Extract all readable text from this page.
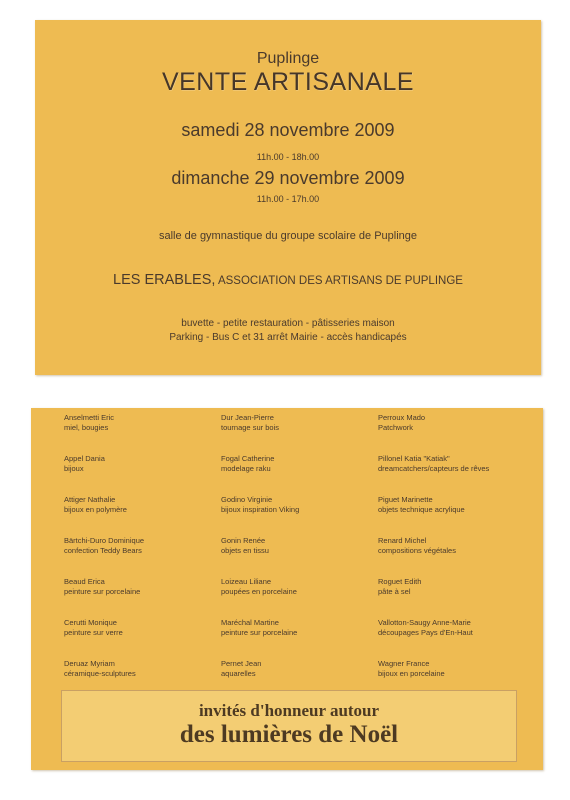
Puplinge
VENTE ARTISANALE
samedi 28 novembre 2009
11h.00 - 18h.00
dimanche 29 novembre 2009
11h.00 - 17h.00
salle de gymnastique du groupe scolaire de Puplinge
LES ERABLES, ASSOCIATION DES ARTISANS DE PUPLINGE
buvette - petite restauration - pâtisseries maison
Parking - Bus C et 31 arrêt Mairie - accès handicapés
Anselmetti Eric
miel, bougies
Appel Dania
bijoux
Attiger Nathalie
bijoux en polymère
Bärtchi-Duro Dominique
confection Teddy Bears
Beaud Erica
peinture sur porcelaine
Cerutti Monique
peinture sur verre
Deruaz Myriam
céramique-sculptures
Dur Jean-Pierre
tournage sur bois
Fogal Catherine
modelage raku
Godino Virginie
bijoux inspiration Viking
Gonin Renée
objets en tissu
Loizeau Liliane
poupées en porcelaine
Maréchal Martine
peinture sur porcelaine
Pernet Jean
aquarelles
Perroux Mado
Patchwork
Pillonel Katia "Katiak"
dreamcatchers/capteurs de rêves
Piguet Marinette
objets technique acrylique
Renard Michel
compositions végétales
Roguet Edith
pâte à sel
Vallotton-Saugy Anne-Marie
découpages Pays d'En-Haut
Wagner France
bijoux en porcelaine
invités d'honneur autour
des lumières de Noël
